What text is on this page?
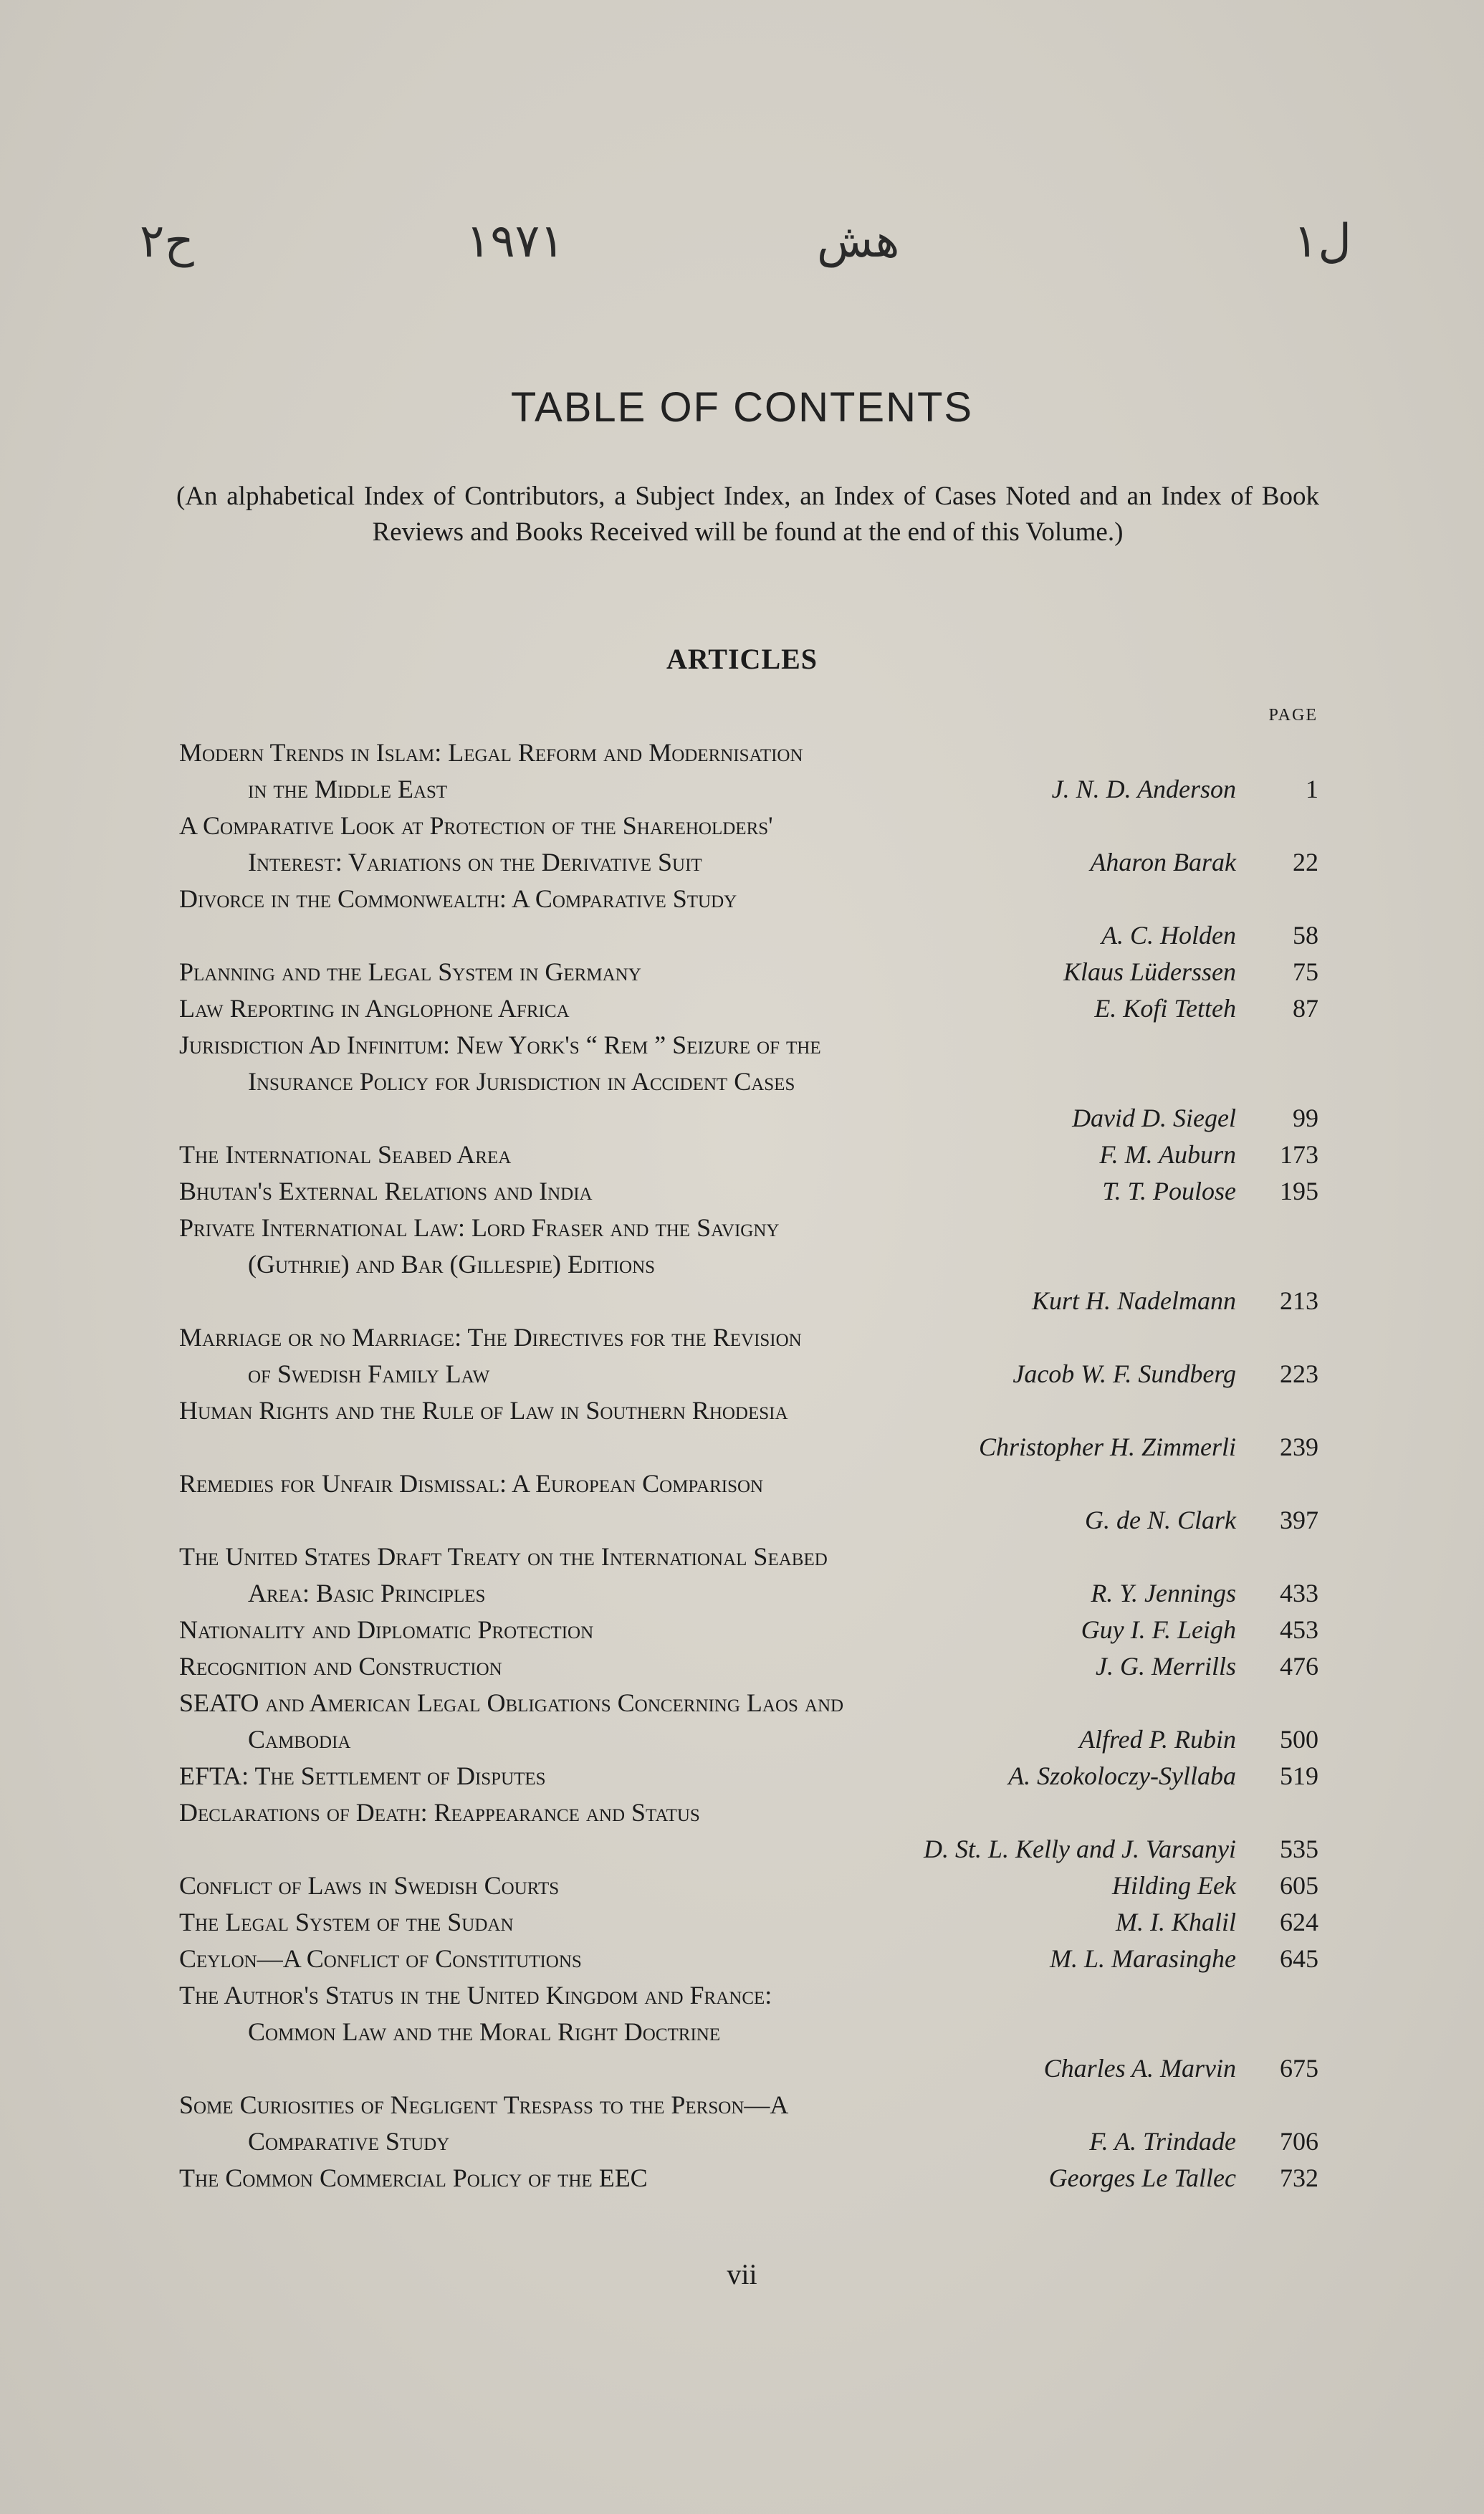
ح٢	١٩٧١	هش	ل١
TABLE OF CONTENTS
(An alphabetical Index of Contributors, a Subject Index, an Index of Cases Noted and an Index of Book Reviews and Books Received will be found at the end of this Volume.)
ARTICLES
PAGE
Modern Trends in Islam: Legal Reform and Modernisation
in the Middle East	J. N. D. Anderson	1
A Comparative Look at Protection of the Shareholders'
Interest: Variations on the Derivative Suit	Aharon Barak	22
Divorce in the Commonwealth: A Comparative Study
A. C. Holden	58
Planning and the Legal System in Germany	Klaus Lüderssen	75
Law Reporting in Anglophone Africa	E. Kofi Tetteh	87
Jurisdiction Ad Infinitum: New York's “ Rem ” Seizure of the
Insurance Policy for Jurisdiction in Accident Cases
David D. Siegel	99
The International Seabed Area	F. M. Auburn	173
Bhutan's External Relations and India	T. T. Poulose	195
Private International Law: Lord Fraser and the Savigny
(Guthrie) and Bar (Gillespie) Editions
Kurt H. Nadelmann	213
Marriage or no Marriage: The Directives for the Revision
of Swedish Family Law	Jacob W. F. Sundberg	223
Human Rights and the Rule of Law in Southern Rhodesia
Christopher H. Zimmerli	239
Remedies for Unfair Dismissal: A European Comparison
G. de N. Clark	397
The United States Draft Treaty on the International Seabed
Area: Basic Principles	R. Y. Jennings	433
Nationality and Diplomatic Protection	Guy I. F. Leigh	453
Recognition and Construction	J. G. Merrills	476
SEATO and American Legal Obligations Concerning Laos and
Cambodia	Alfred P. Rubin	500
EFTA: The Settlement of Disputes	A. Szokoloczy-Syllaba	519
Declarations of Death: Reappearance and Status
D. St. L. Kelly and J. Varsanyi	535
Conflict of Laws in Swedish Courts	Hilding Eek	605
The Legal System of the Sudan	M. I. Khalil	624
Ceylon—A Conflict of Constitutions	M. L. Marasinghe	645
The Author's Status in the United Kingdom and France:
Common Law and the Moral Right Doctrine
Charles A. Marvin	675
Some Curiosities of Negligent Trespass to the Person—A
Comparative Study	F. A. Trindade	706
The Common Commercial Policy of the EEC	Georges Le Tallec	732
vii
